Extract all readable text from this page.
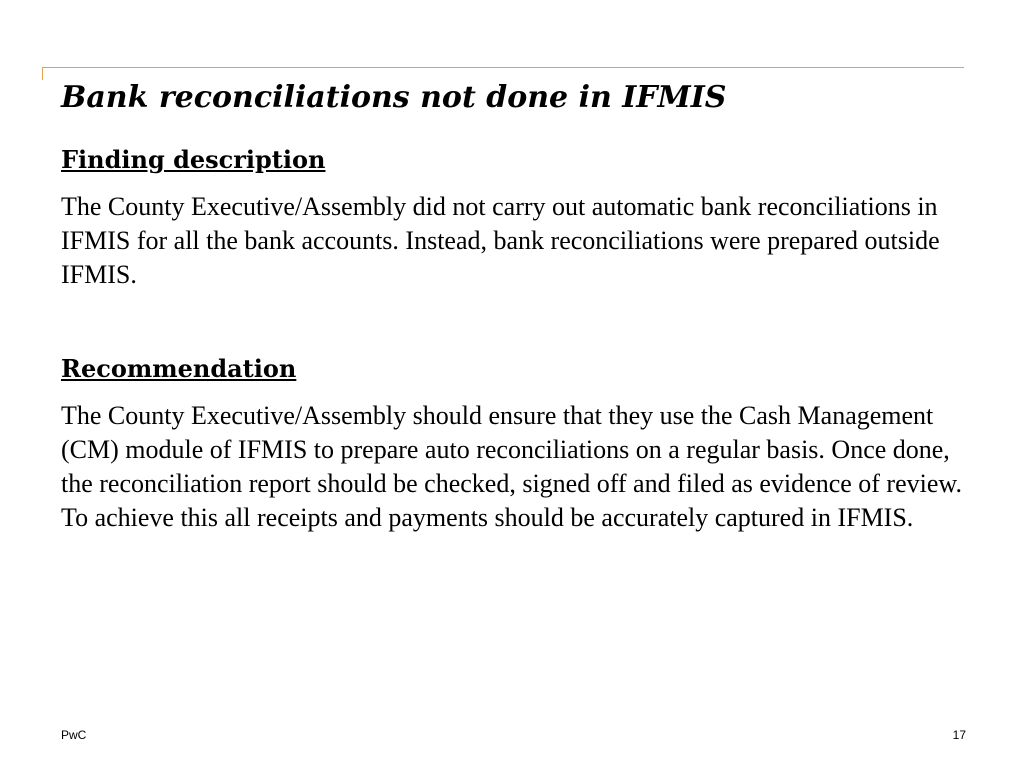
Bank reconciliations not done in IFMIS
Finding description

The County Executive/Assembly did not carry out automatic bank reconciliations in IFMIS for all the bank accounts. Instead, bank reconciliations were prepared outside IFMIS.

Recommendation

The County Executive/Assembly should ensure that they use the Cash Management (CM) module of IFMIS to prepare auto reconciliations on a regular basis. Once done, the reconciliation report should be checked, signed off and filed as evidence of review. To achieve this all receipts and payments should be accurately captured in IFMIS.

PwC	17
